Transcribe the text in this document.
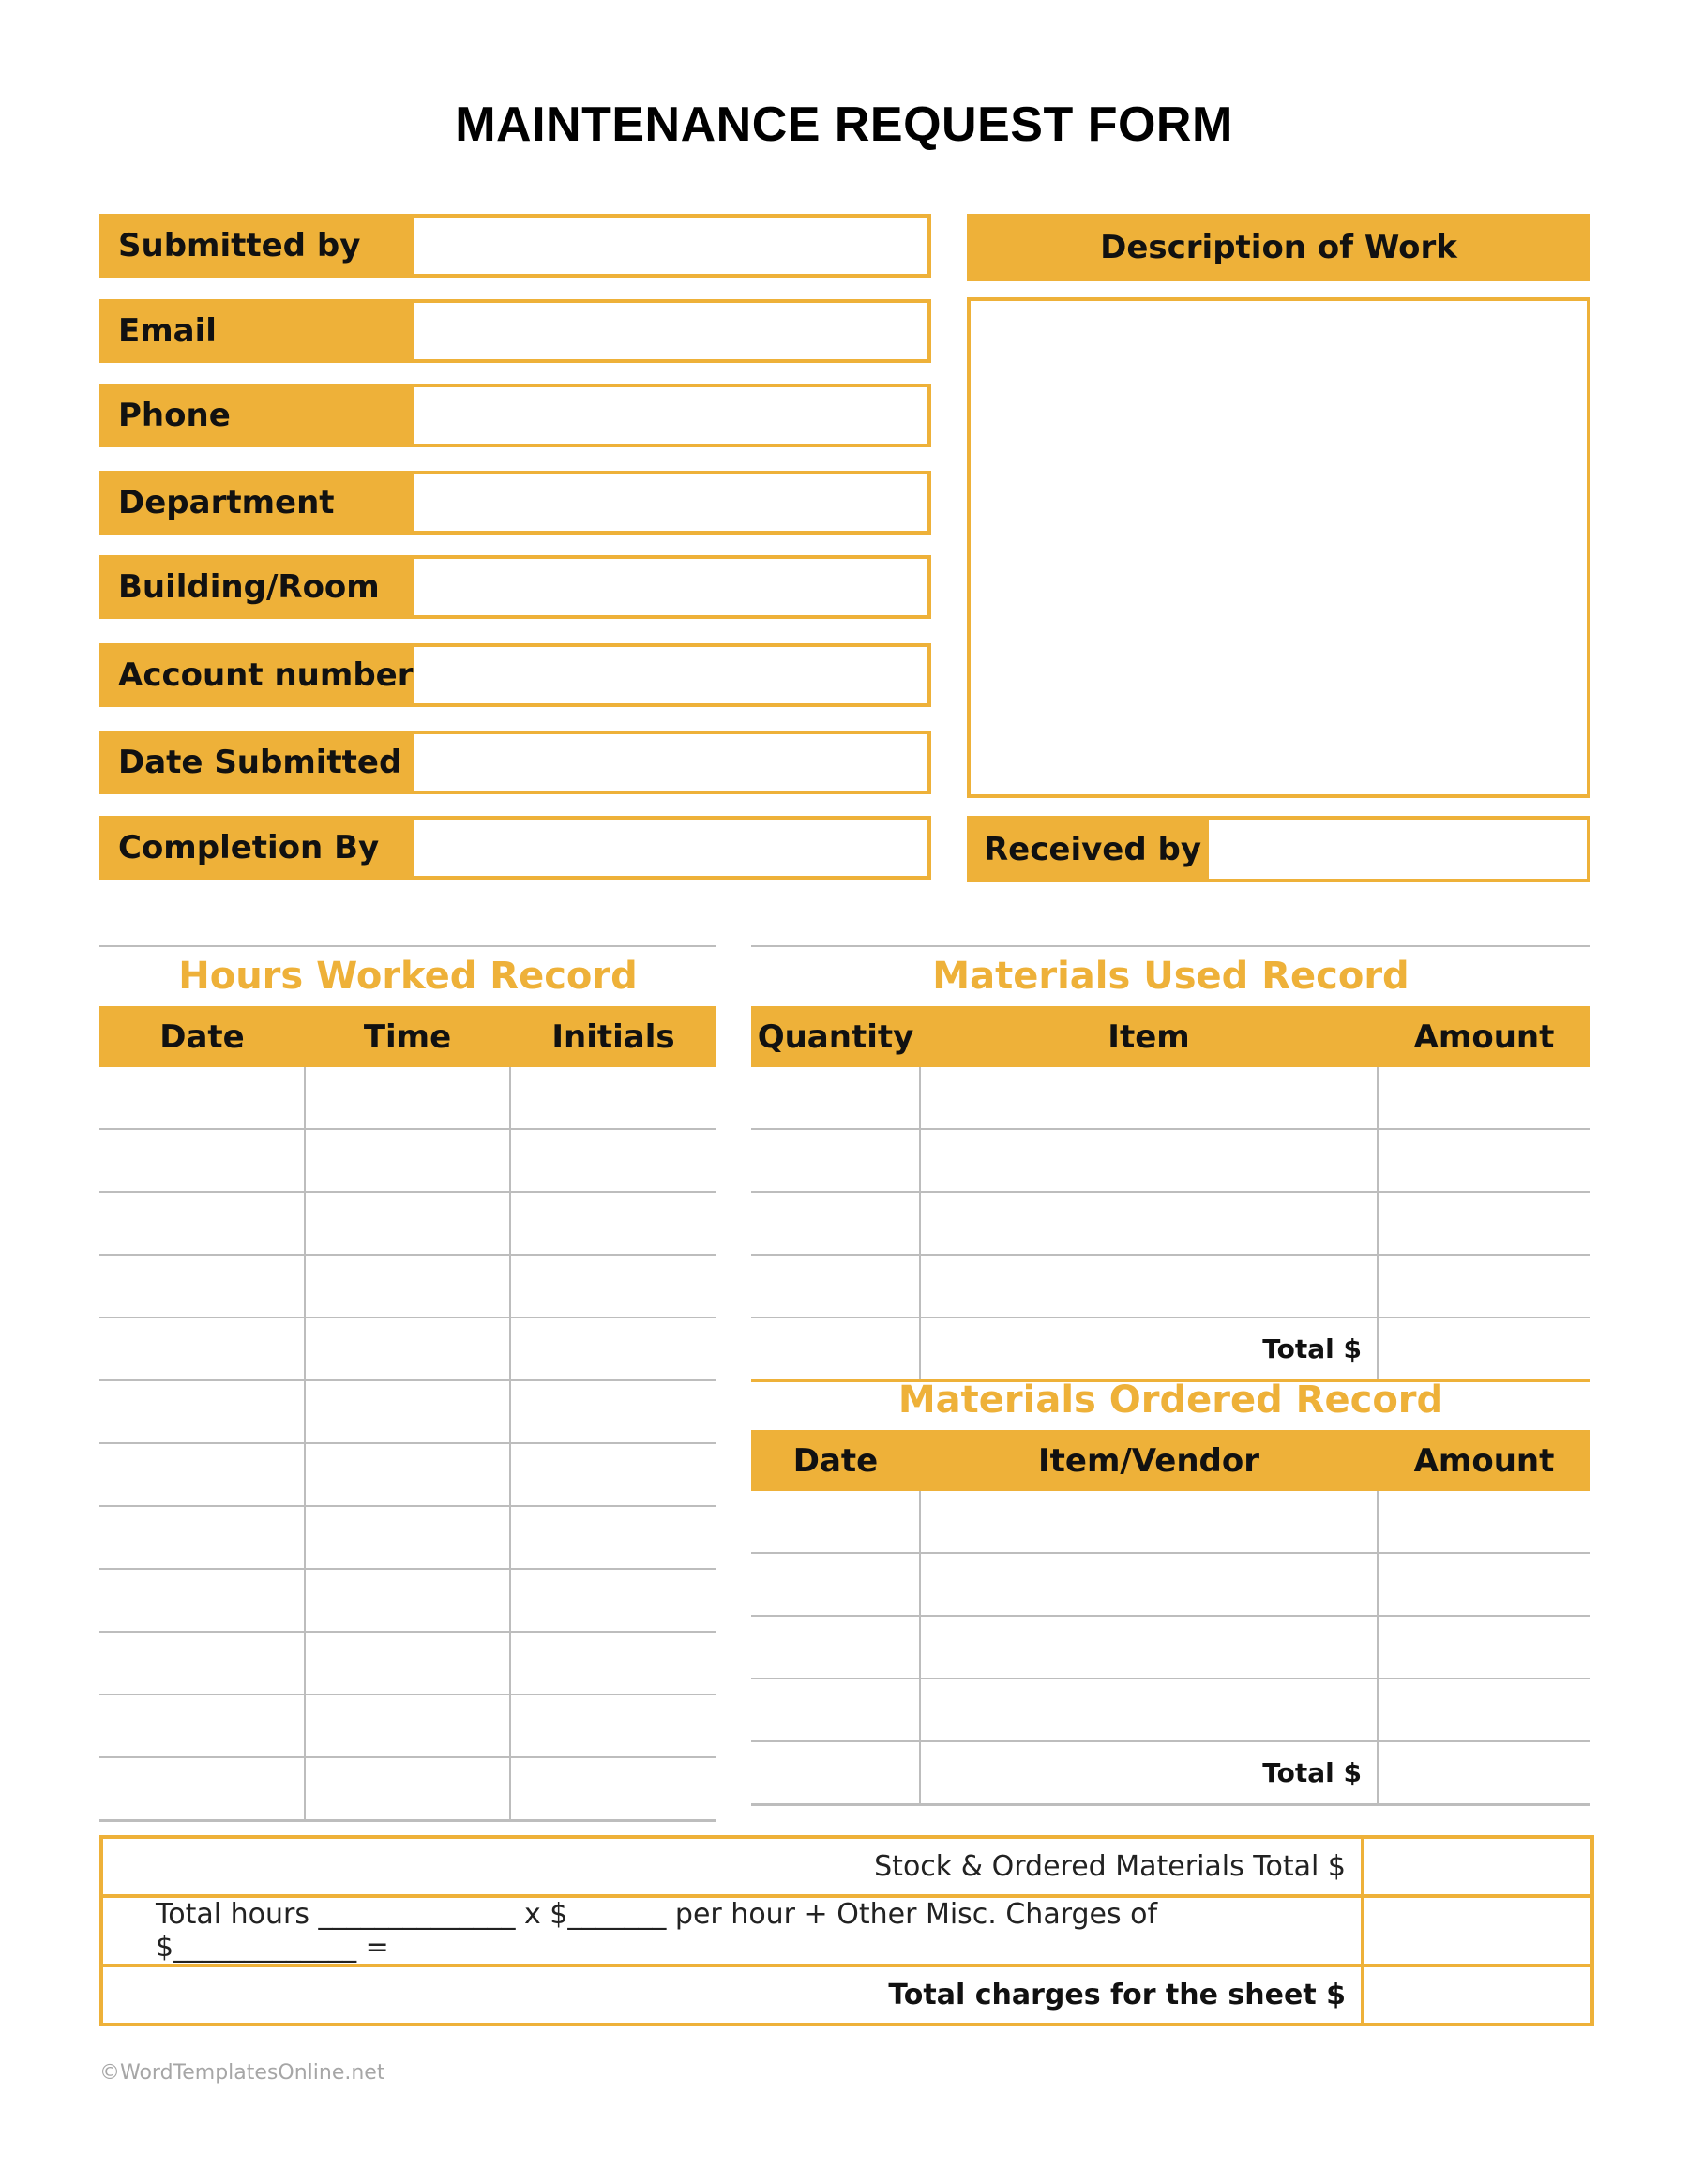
MAINTENANCE REQUEST FORM
Submitted by
Email
Phone
Department
Building/Room
Account number
Date Submitted
Completion By
Description of Work
Received by
Hours Worked Record
Date	Time	Initials

Materials Used Record
Quantity	Item	Amount

	Total $	
Materials Ordered Record
Date	Item/Vendor	Amount

	Total $	
Stock & Ordered Materials Total $	
Total hours ______________ x $_______ per hour + Other Misc. Charges of $_____________ =	
Total charges for the sheet $	
©WordTemplatesOnline.net
